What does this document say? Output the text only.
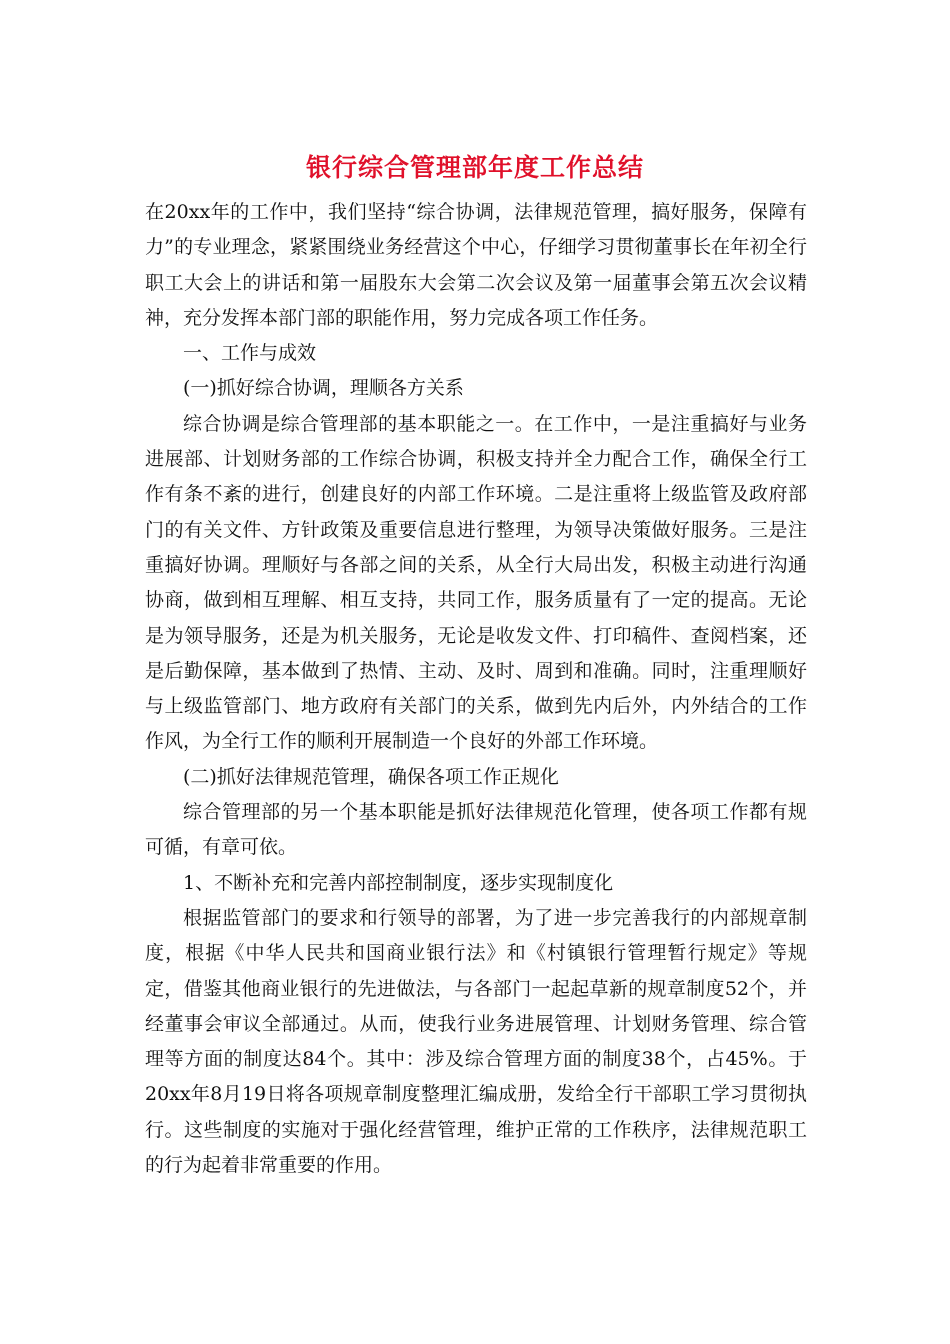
银行综合管理部年度工作总结

在20xx年的工作中，我们坚持“综合协调，法律规范管理，搞好服务，保障有力”的专业理念，紧紧围绕业务经营这个中心，仔细学习贯彻董事长在年初全行职工大会上的讲话和第一届股东大会第二次会议及第一届董事会第五次会议精神，充分发挥本部门部的职能作用，努力完成各项工作任务。

一、工作与成效

(一)抓好综合协调，理顺各方关系

综合协调是综合管理部的基本职能之一。在工作中，一是注重搞好与业务进展部、计划财务部的工作综合协调，积极支持并全力配合工作，确保全行工作有条不紊的进行，创建良好的内部工作环境。二是注重将上级监管及政府部门的有关文件、方针政策及重要信息进行整理，为领导决策做好服务。三是注重搞好协调。理顺好与各部之间的关系，从全行大局出发，积极主动进行沟通协商，做到相互理解、相互支持，共同工作，服务质量有了一定的提高。无论是为领导服务，还是为机关服务，无论是收发文件、打印稿件、查阅档案，还是后勤保障，基本做到了热情、主动、及时、周到和准确。同时，注重理顺好与上级监管部门、地方政府有关部门的关系，做到先内后外，内外结合的工作作风，为全行工作的顺利开展制造一个良好的外部工作环境。

(二)抓好法律规范管理，确保各项工作正规化

综合管理部的另一个基本职能是抓好法律规范化管理，使各项工作都有规可循，有章可依。

1、不断补充和完善内部控制制度，逐步实现制度化

根据监管部门的要求和行领导的部署，为了进一步完善我行的内部规章制度，根据《中华人民共和国商业银行法》和《村镇银行管理暂行规定》等规定，借鉴其他商业银行的先进做法，与各部门一起起草新的规章制度52个，并经董事会审议全部通过。从而，使我行业务进展管理、计划财务管理、综合管理等方面的制度达84个。其中：涉及综合管理方面的制度38个，占45%。于20xx年8月19日将各项规章制度整理汇编成册，发给全行干部职工学习贯彻执行。这些制度的实施对于强化经营管理，维护正常的工作秩序，法律规范职工的行为起着非常重要的作用。
